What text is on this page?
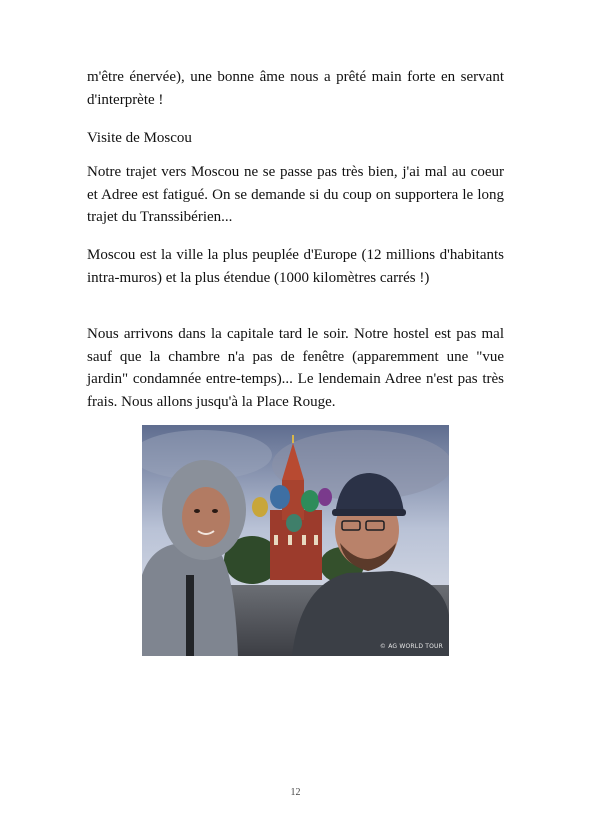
m'être énervée), une bonne âme nous a prêté main forte en servant d'interprète !

Visite de Moscou

Notre trajet vers Moscou ne se passe pas très bien, j'ai mal au coeur et Adree est fatigué. On se demande si du coup on supportera le long trajet du Transsibérien...

Moscou est la ville la plus peuplée d'Europe (12 millions d'habitants intra-muros) et la plus étendue (1000 kilomètres carrés !)

Nous arrivons dans la capitale tard le soir. Notre hostel est pas mal sauf que la chambre n'a pas de fenêtre (apparemment une "vue jardin" condamnée entre-temps)... Le lendemain Adree n'est pas très frais. Nous allons jusqu'à la Place Rouge.

© AG WORLD TOUR
12
